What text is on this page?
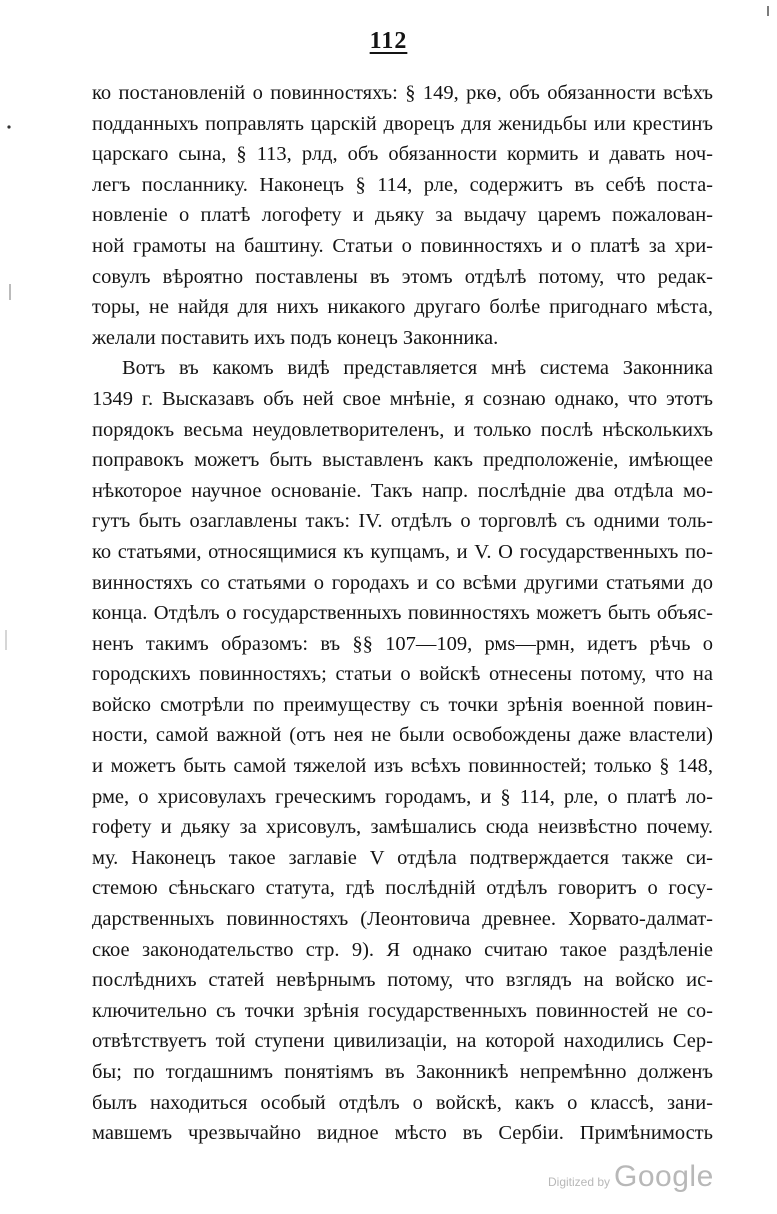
112
ко постановленій о повинностяхъ: § 149, ркѳ, объ обязанности всѣхъ
подданныхъ поправлять царскій дворецъ для женидьбы или крестинъ
царскаго сына, § 113, рлд, объ обязанности кормить и давать ноч-
легъ посланнику. Наконецъ § 114, рле, содержитъ въ себѣ поста-
новленіе о платѣ логофету и дьяку за выдачу царемъ пожалован-
ной грамоты на баштину. Статьи о повинностяхъ и о платѣ за хри-
совулъ вѣроятно поставлены въ этомъ отдѣлѣ потому, что редак-
торы, не найдя для нихъ никакого другаго болѣе пригоднаго мѣста,
желали поставить ихъ подъ конецъ Законника.
Вотъ въ какомъ видѣ представляется мнѣ система Законника
1349 г. Высказавъ объ ней свое мнѣніе, я сознаю однако, что этотъ
порядокъ весьма неудовлетворителенъ, и только послѣ нѣсколькихъ
поправокъ можетъ быть выставленъ какъ предположеніе, имѣющее
нѣкоторое научное основаніе. Такъ напр. послѣдніе два отдѣла мо-
гутъ быть озаглавлены такъ: IV. отдѣлъ о торговлѣ съ одними толь-
ко статьями, относящимися къ купцамъ, и V. О государственныхъ по-
винностяхъ со статьями о городахъ и со всѣми другими статьями до
конца. Отдѣлъ о государственныхъ повинностяхъ можетъ быть объяс-
ненъ такимъ образомъ: въ §§ 107—109, рмѕ—рмн, идетъ рѣчь о
городскихъ повинностяхъ; статьи о войскѣ отнесены потому, что на
войско смотрѣли по преимуществу съ точки зрѣнія военной повин-
ности, самой важной (отъ нея не были освобождены даже властели)
и можетъ быть самой тяжелой изъ всѣхъ повинностей; только § 148,
рме, о хрисовулахъ греческимъ городамъ, и § 114, рле, о платѣ ло-
гофету и дьяку за хрисовулъ, замѣшались сюда неизвѣстно почему.
му. Наконецъ такое заглавіе V отдѣла подтверждается также си-
стемою сѣньскаго статута, гдѣ послѣдній отдѣлъ говоритъ о госу-
дарственныхъ повинностяхъ (Леонтовича древнее. Хорвато-далмат-
ское законодательство стр. 9). Я однако считаю такое раздѣленіе
послѣднихъ статей невѣрнымъ потому, что взглядъ на войско ис-
ключительно съ точки зрѣнія государственныхъ повинностей не со-
отвѣтствуетъ той ступени цивилизаціи, на которой находились Сер-
бы; по тогдашнимъ понятіямъ въ Законникѣ непремѣнно долженъ
былъ находиться особый отдѣлъ о войскѣ, какъ о классѣ, зани-
мавшемъ чрезвычайно видное мѣсто въ Сербіи. Примѣнимость
Digitized by Google
